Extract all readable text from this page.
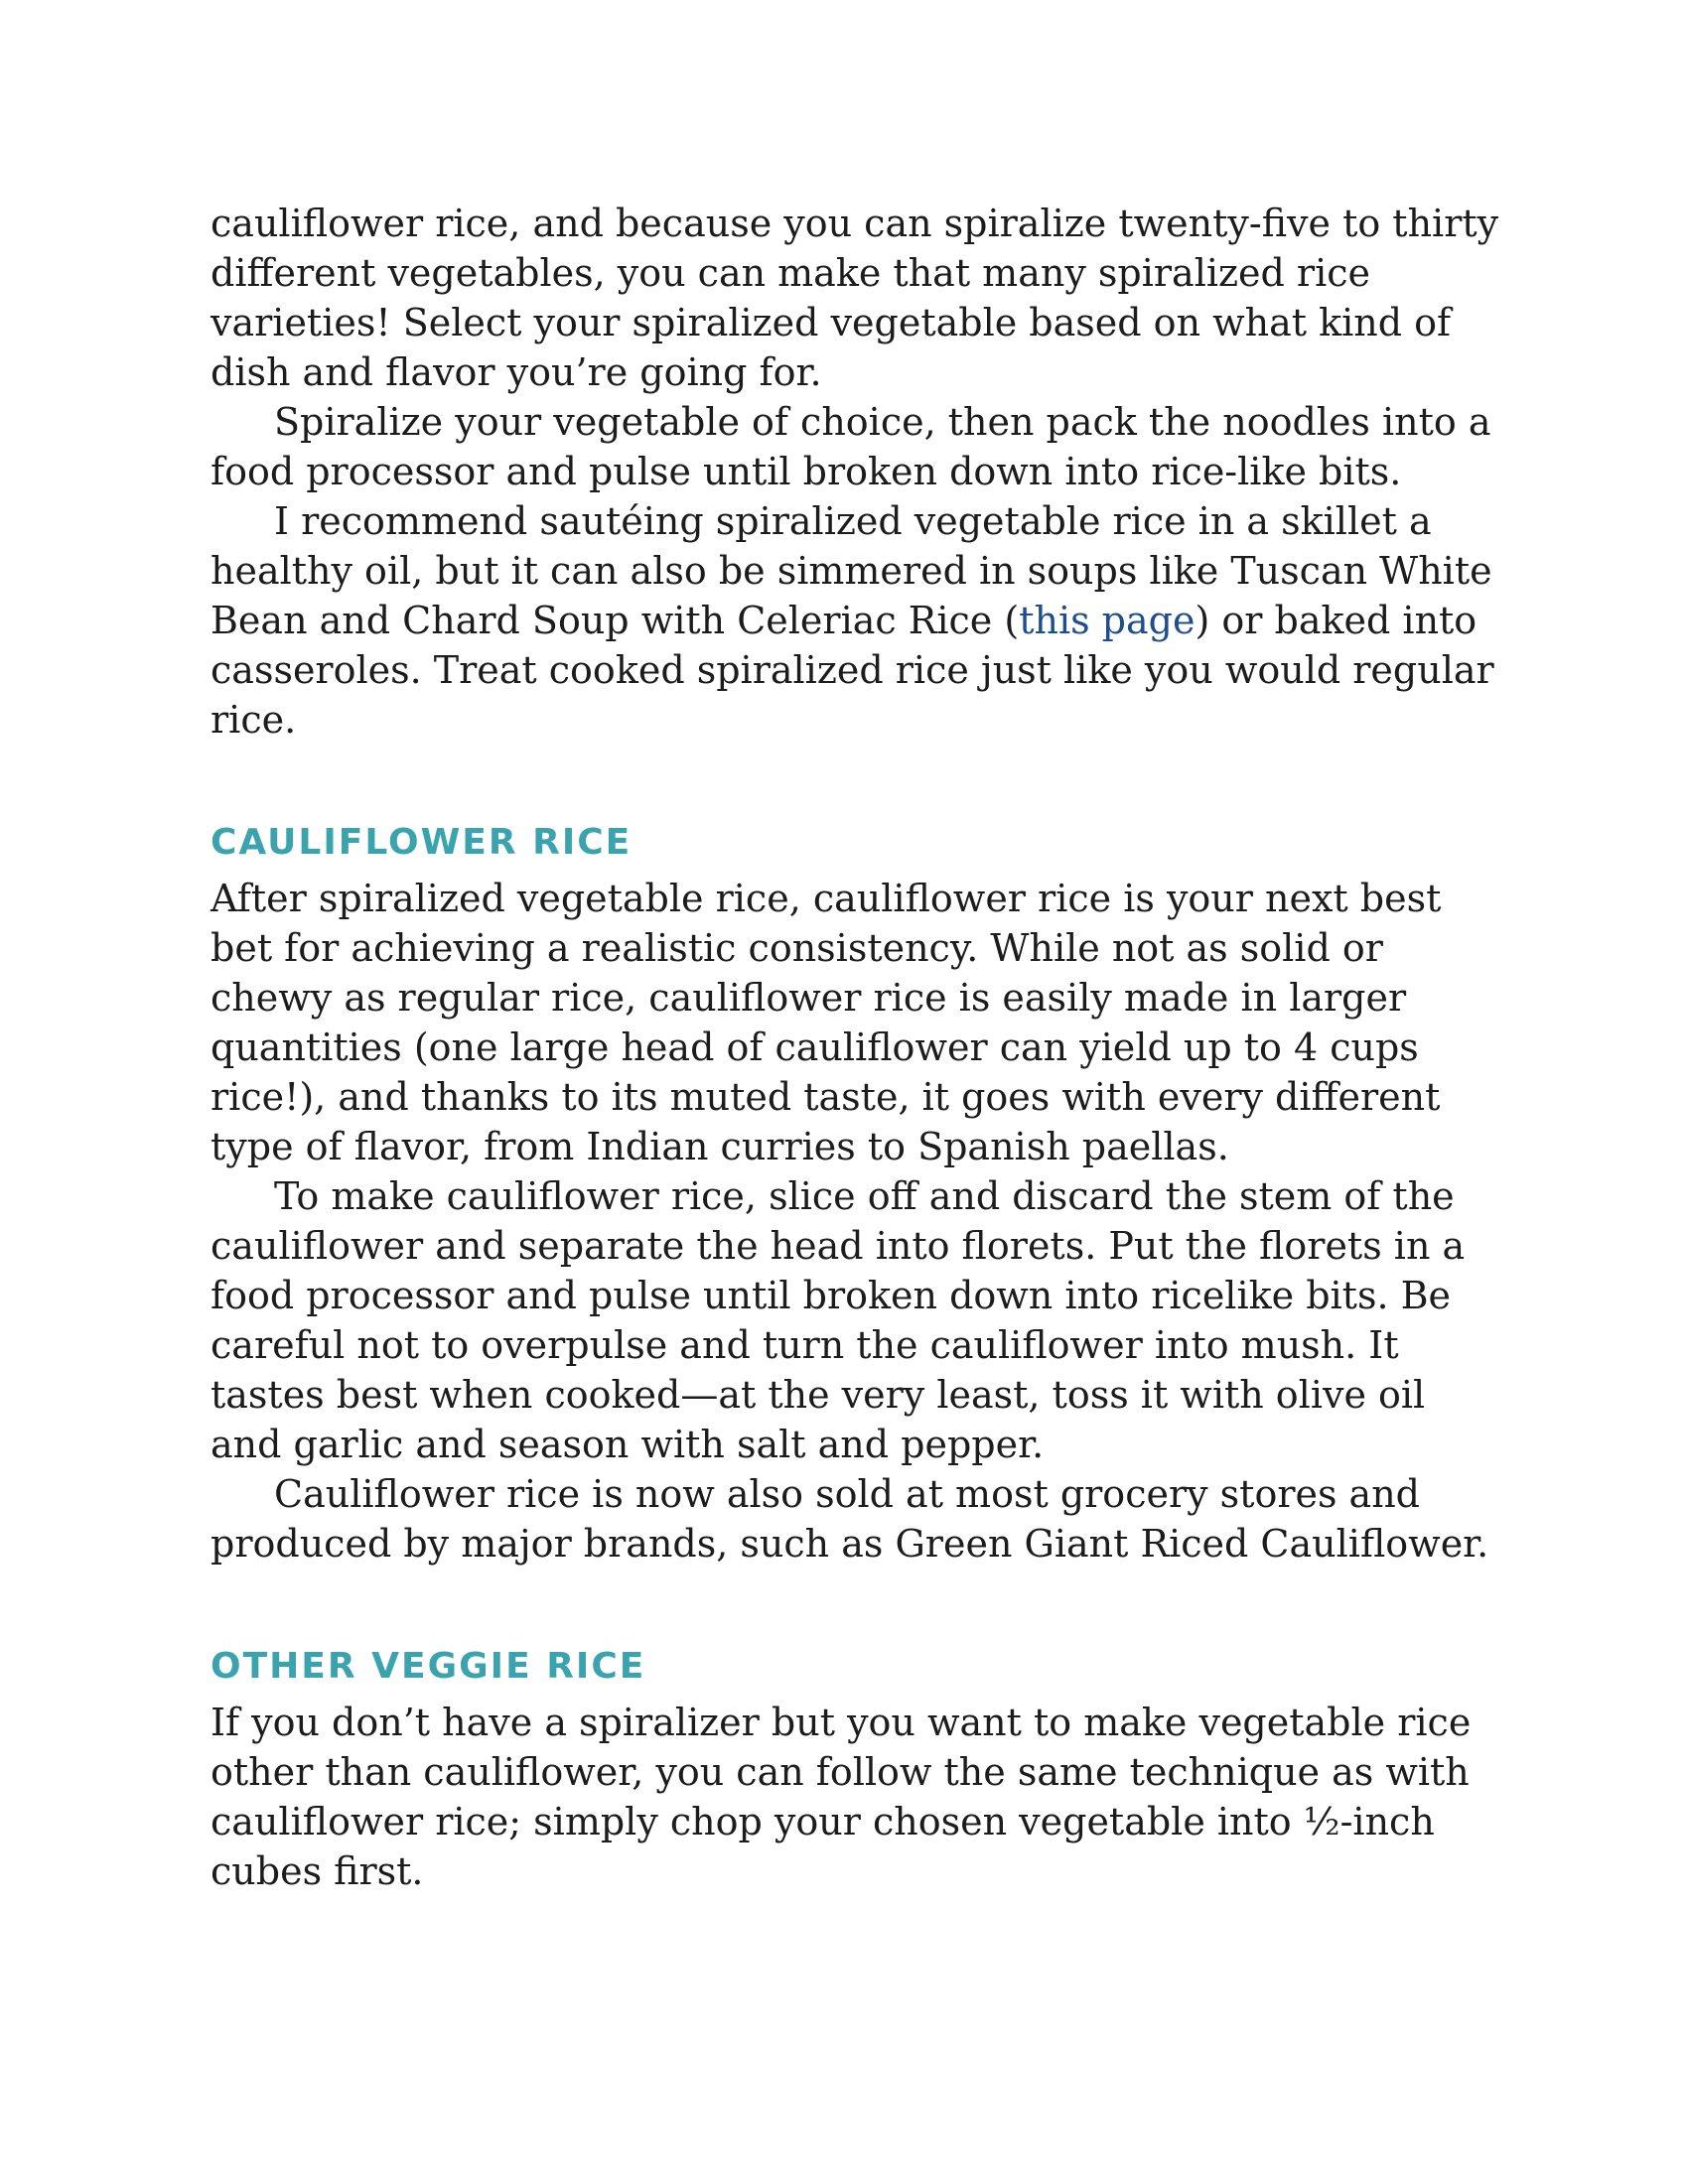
cauliflower rice, and because you can spiralize twenty-five to thirty different vegetables, you can make that many spiralized rice varieties! Select your spiralized vegetable based on what kind of dish and flavor you’re going for.

Spiralize your vegetable of choice, then pack the noodles into a food processor and pulse until broken down into rice-like bits.

I recommend sautéing spiralized vegetable rice in a skillet a healthy oil, but it can also be simmered in soups like Tuscan White Bean and Chard Soup with Celeriac Rice (this page) or baked into casseroles. Treat cooked spiralized rice just like you would regular rice.

CAULIFLOWER RICE

After spiralized vegetable rice, cauliflower rice is your next best bet for achieving a realistic consistency. While not as solid or chewy as regular rice, cauliflower rice is easily made in larger quantities (one large head of cauliflower can yield up to 4 cups rice!), and thanks to its muted taste, it goes with every different type of flavor, from Indian curries to Spanish paellas.

To make cauliflower rice, slice off and discard the stem of the cauliflower and separate the head into florets. Put the florets in a food processor and pulse until broken down into ricelike bits. Be careful not to overpulse and turn the cauliflower into mush. It tastes best when cooked—at the very least, toss it with olive oil and garlic and season with salt and pepper.

Cauliflower rice is now also sold at most grocery stores and produced by major brands, such as Green Giant Riced Cauliflower.

OTHER VEGGIE RICE

If you don’t have a spiralizer but you want to make vegetable rice other than cauliflower, you can follow the same technique as with cauliflower rice; simply chop your chosen vegetable into ½-inch cubes first.
